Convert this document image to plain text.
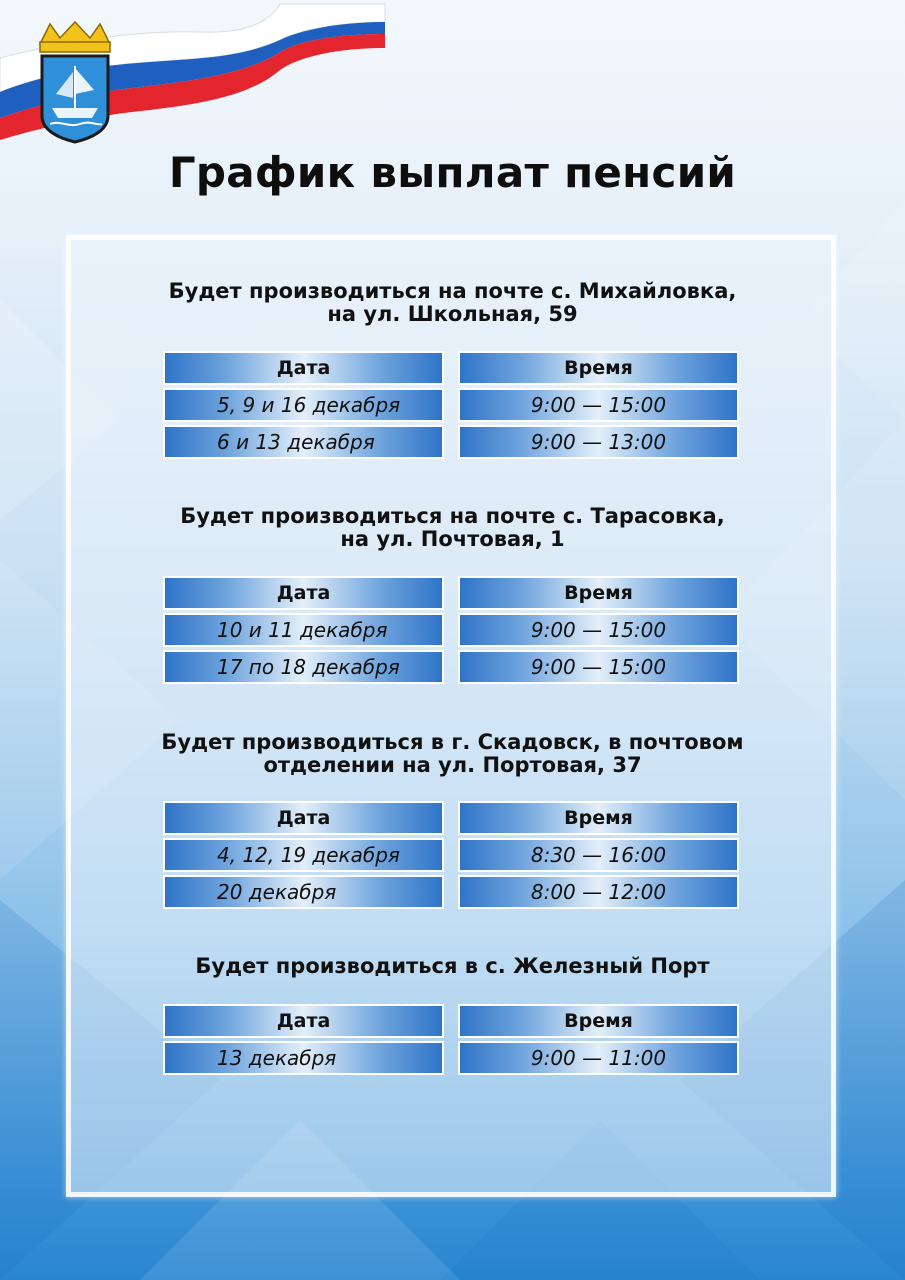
График выплат пенсий
Будет производиться на почте с. Михайловка,
на ул. Школьная, 59
Дата	Время
5, 9 и 16 декабря	9:00 — 15:00
6 и 13 декабря	9:00 — 13:00
Будет производиться на почте с. Тарасовка,
на ул. Почтовая, 1
Дата	Время
10 и 11 декабря	9:00 — 15:00
17 по 18 декабря	9:00 — 15:00
Будет производиться в г. Скадовск, в почтовом
отделении на ул. Портовая, 37
Дата	Время
4, 12, 19 декабря	8:30 — 16:00
20 декабря	8:00 — 12:00
Будет производиться в с. Железный Порт
Дата	Время
13 декабря	9:00 — 11:00
